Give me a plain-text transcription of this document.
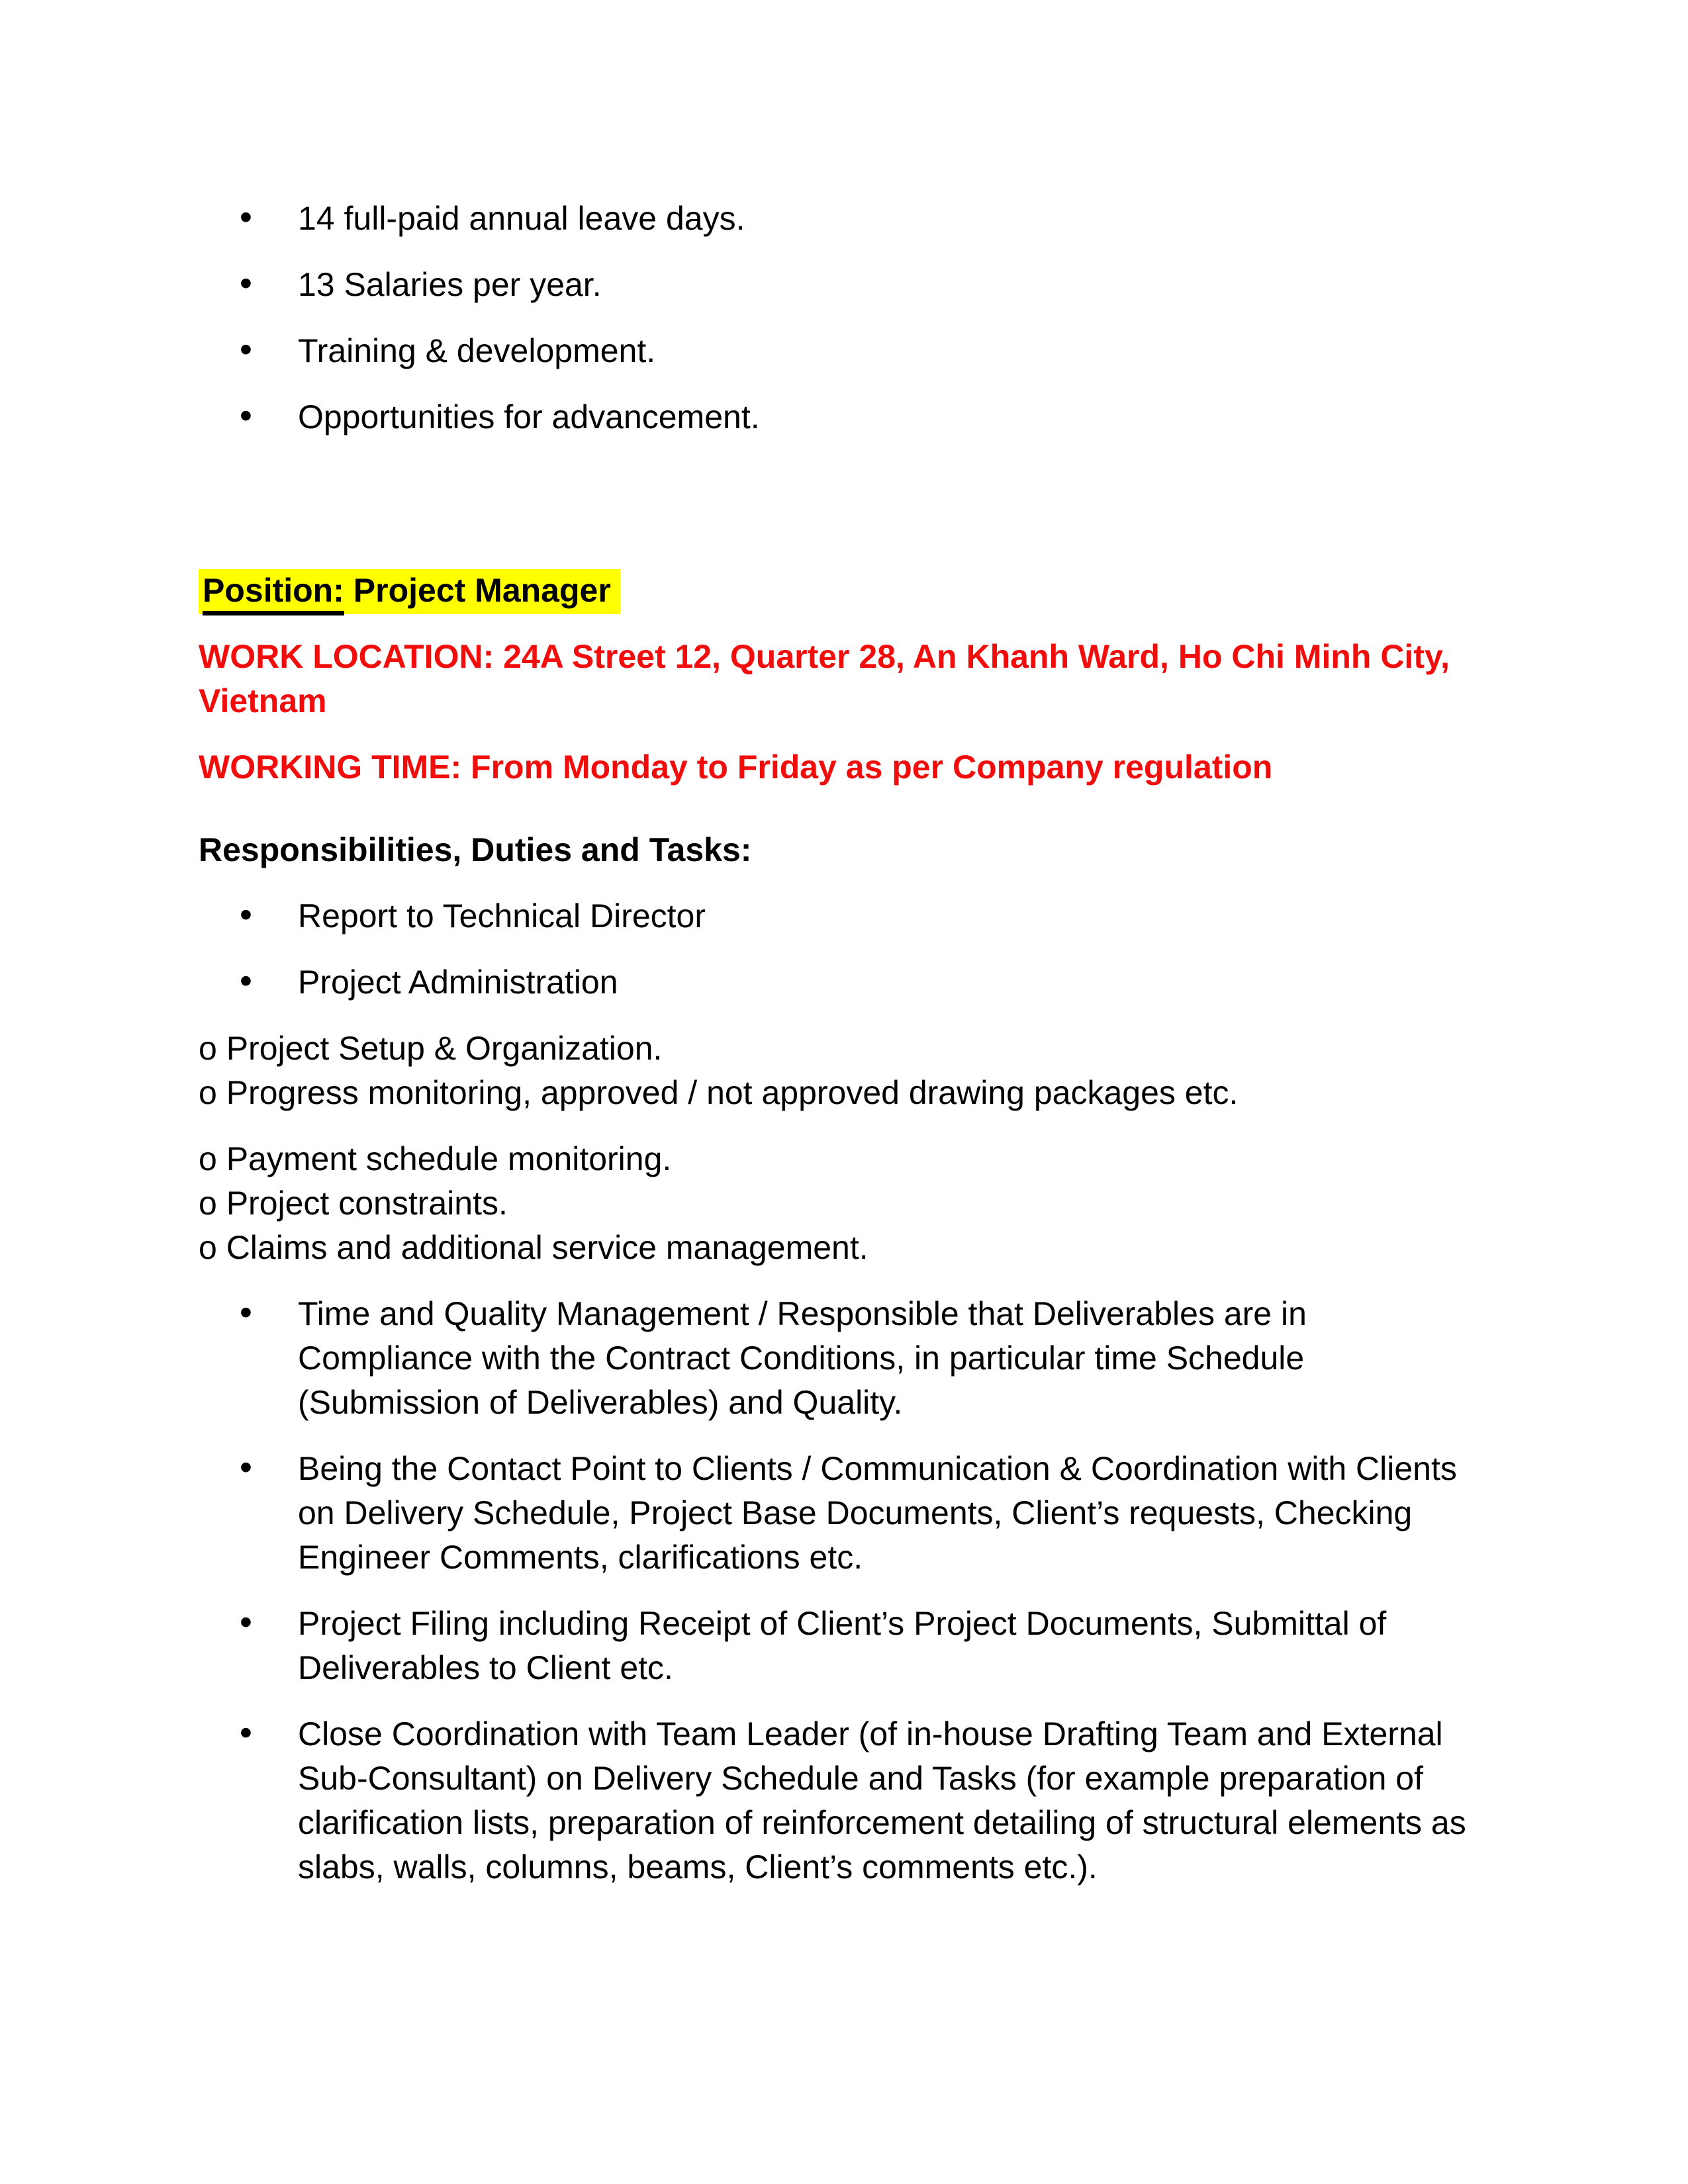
• 14 full-paid annual leave days.
• 13 Salaries per year.
• Training & development.
• Opportunities for advancement.

Position: Project Manager

WORK LOCATION: 24A Street 12, Quarter 28, An Khanh Ward, Ho Chi Minh City, Vietnam

WORKING TIME: From Monday to Friday as per Company regulation

Responsibilities, Duties and Tasks:

• Report to Technical Director
• Project Administration
o Project Setup & Organization.
o Progress monitoring, approved / not approved drawing packages etc.
o Payment schedule monitoring.
o Project constraints.
o Claims and additional service management.
• Time and Quality Management / Responsible that Deliverables are in Compliance with the Contract Conditions, in particular time Schedule (Submission of Deliverables) and Quality.
• Being the Contact Point to Clients / Communication & Coordination with Clients on Delivery Schedule, Project Base Documents, Client’s requests, Checking Engineer Comments, clarifications etc.
• Project Filing including Receipt of Client’s Project Documents, Submittal of Deliverables to Client etc.
• Close Coordination with Team Leader (of in-house Drafting Team and External Sub-Consultant) on Delivery Schedule and Tasks (for example preparation of clarification lists, preparation of reinforcement detailing of structural elements as slabs, walls, columns, beams, Client’s comments etc.).
